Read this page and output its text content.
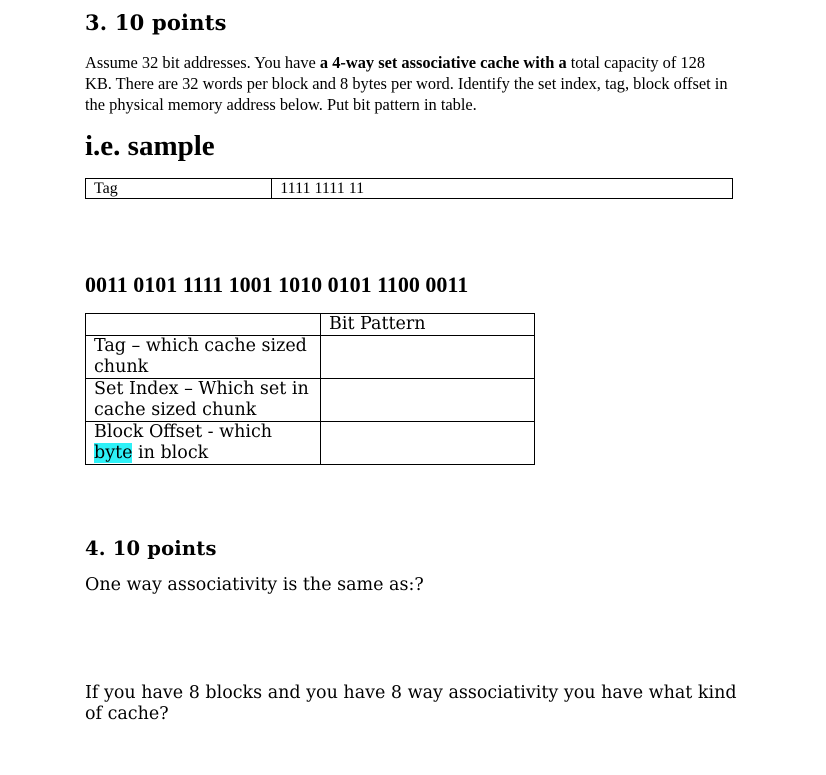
3. 10 points
Assume 32 bit addresses. You have a 4-way set associative cache with a total capacity of 128 KB. There are 32 words per block and 8 bytes per word. Identify the set index, tag, block offset in the physical memory address below. Put bit pattern in table.
i.e. sample
Tag	1111 1111 11
0011 0101 1111 1001 1010 0101 1100 0011
	Bit Pattern
Tag – which cache sized chunk	
Set Index – Which set in cache sized chunk	
Block Offset - which byte in block	
4. 10 points
One way associativity is the same as:?
If you have 8 blocks and you have 8 way associativity you have what kind of cache?
